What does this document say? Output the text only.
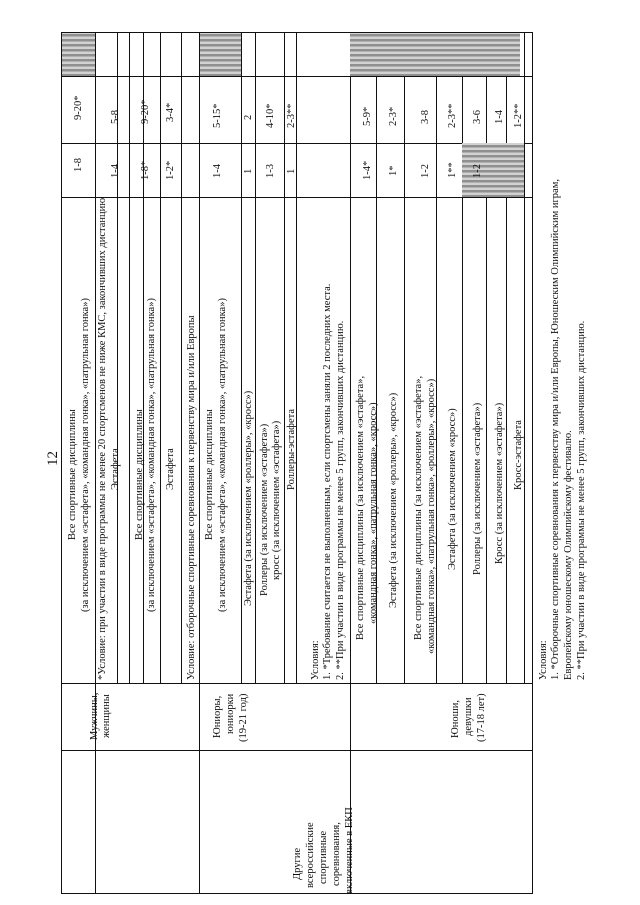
12
Другие всероссийские спортивные соревнования, включенные в ЕКП
Мужчины, женщины
Все спортивные дисциплины (за исключением «эстафета», «командная гонка», «патрульная гонка»)
1-8
9-20*
*Условие: при участии в виде программы не менее 20 спортсменов не ниже КМС, закончивших дистанцию Эстафета
1-4
5-8
Все спортивные дисциплины (за исключением «эстафета», «командная гонка», «патрульная гонка»)
1-8*
9-20*
Эстафета
1-2*
3-4*
Условие: отборочные спортивные соревнования к первенству мира и/или Европы
Юниоры, юниорки (19-21 год)
Все спортивные дисциплины (за исключением «эстафета», «командная гонка», «патрульная гонка»)
1-4
5-15*
Эстафета (за исключением «роллеры», «кросс»)
1
2
Роллеры (за исключением «эстафета») кросс (за исключением «эстафета»)
1-3
4-10*
Роллеры-эстафета
1
2-3**
Условия: 1. *Требование считается не выполненным, если спортсмены заняли 2 последних места. 2. **При участии в виде программы не менее 5 групп, закончивших дистанцию.
Юноши, девушки (17-18 лет)
Все спортивные дисциплины (за исключением «эстафета», «командная гонка», «патрульная гонка», «кросс»)
1-4*
5-9*
Эстафета (за исключением «роллеры», «кросс»)
1*
2-3*
Все спортивные дисциплины (за исключением «эстафета», «командная гонка», «патрульная гонка», «роллеры», «кросс»)
1-2
3-8
Эстафета (за исключением «кросс»)
1**
2-3**
Роллеры (за исключением «эстафета»)
1-2
3-6
Кросс (за исключением «эстафета»)
1-4
Кросс-эстафета
1-2**
Условия: 1. *Отборочные спортивные соревнования к первенству мира и/или Европы, Юношеским Олимпийским играм, Европейскому юношескому Олимпийскому фестивалю. 2. **При участии в виде программы не менее 5 групп, закончивших дистанцию.
